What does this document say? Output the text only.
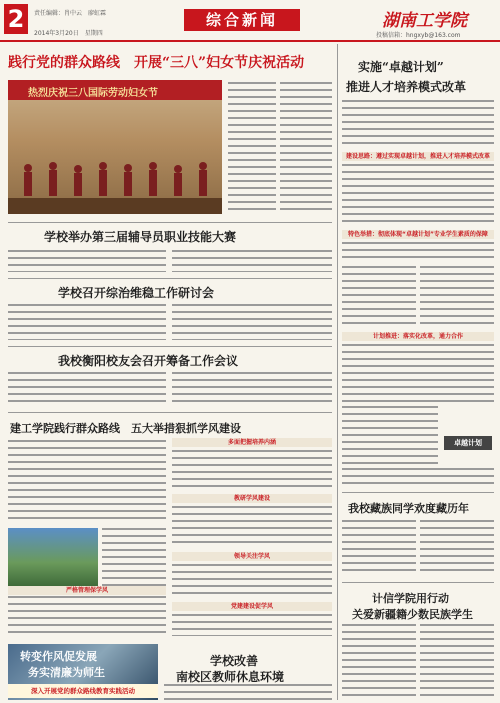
2	责任编辑：肖中云　廖虹霖
2014年3月20日　星期四
综合新闻	湖南工学院
投稿信箱：hngxyb@163.com
践行党的群众路线　开展“三八”妇女节庆祝活动
热烈庆祝三八国际劳动妇女节
学校举办第三届辅导员职业技能大赛
学校召开综治维稳工作研讨会
我校衡阳校友会召开筹备工作会议
建工学院践行群众路线　五大举措狠抓学风建设
多面把握培养内涵
教研学风建设
领导关注学风
党建建设促学风
严格管理保学风
转变作风促发展
务实清廉为师生
深入开展党的群众路线教育实践活动
学校改善
南校区教师休息环境
实施“卓越计划”
推进人才培养模式改革
建设思路：遵过实现卓越计划，推进人才培养模式改革
特色举措：彻底体现“卓越计划”专业学生素质的保障
计划推进：落实化改革，通力合作
卓越计划
我校藏族同学欢度藏历年
计信学院用行动
关爱新疆籍少数民族学生
